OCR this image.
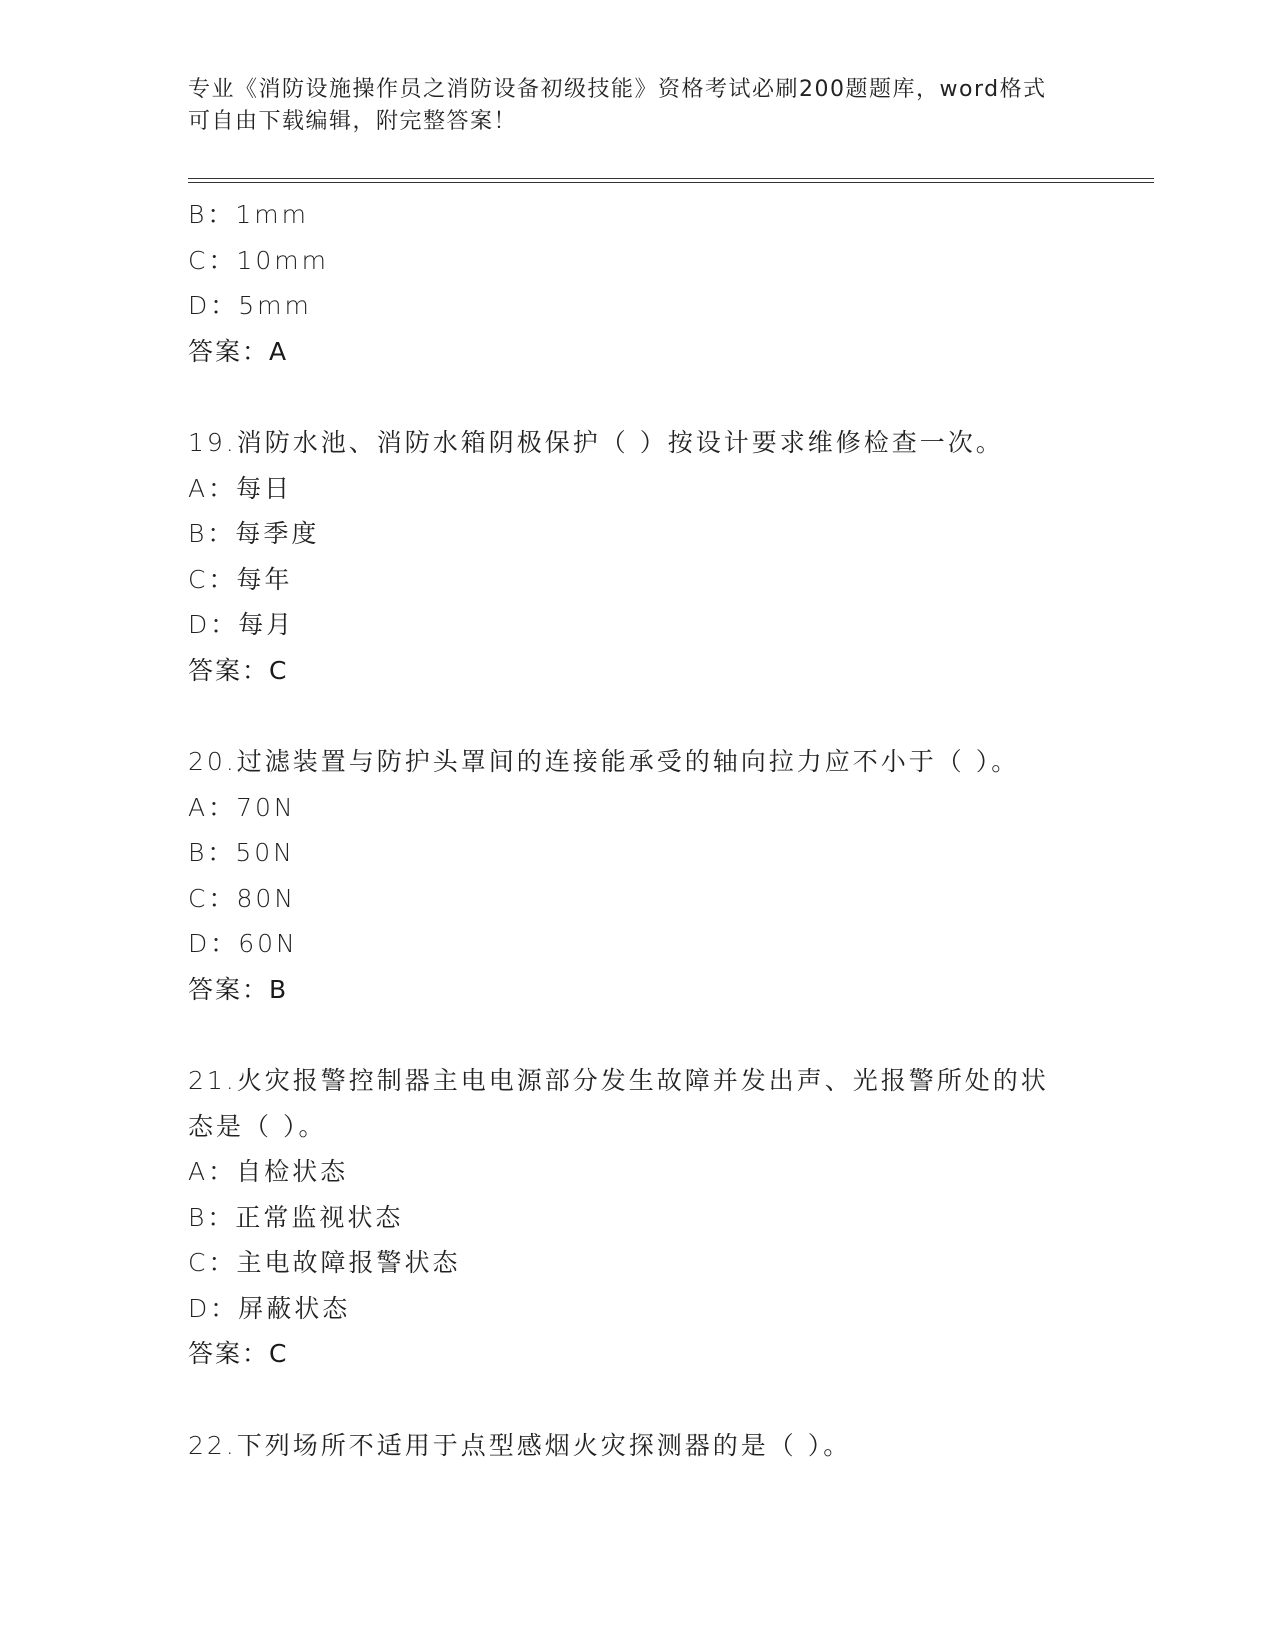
专业《消防设施操作员之消防设备初级技能》资格考试必刷200题题库，word格式可自由下载编辑，附完整答案！
B：1mm
C：10mm
D：5mm
答案：A
19.消防水池、消防水箱阴极保护（ ）按设计要求维修检查一次。
A：每日
B：每季度
C：每年
D：每月
答案：C
20.过滤装置与防护头罩间的连接能承受的轴向拉力应不小于（ ）。
A：70N
B：50N
C：80N
D：60N
答案：B
21.火灾报警控制器主电电源部分发生故障并发出声、光报警所处的状态是（ ）。
A：自检状态
B：正常监视状态
C：主电故障报警状态
D：屏蔽状态
答案：C
22.下列场所不适用于点型感烟火灾探测器的是（ ）。
